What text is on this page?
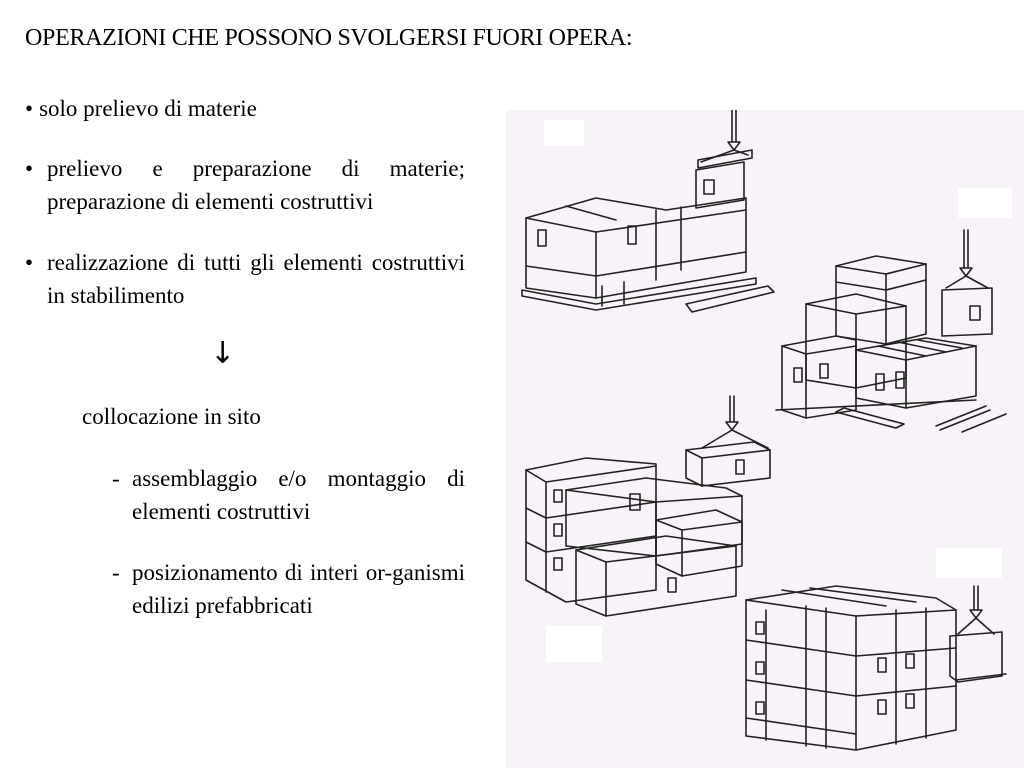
OPERAZIONI CHE POSSONO SVOLGERSI FUORI OPERA:
• solo prelievo di materie
• prelievo e preparazione di materie; preparazione di elementi costruttivi
• realizzazione di tutti gli elementi costruttivi in stabilimento
↓
collocazione in sito
- assemblaggio e/o montaggio di elementi costruttivi
- posizionamento di interi or-ganismi edilizi prefabbricati
